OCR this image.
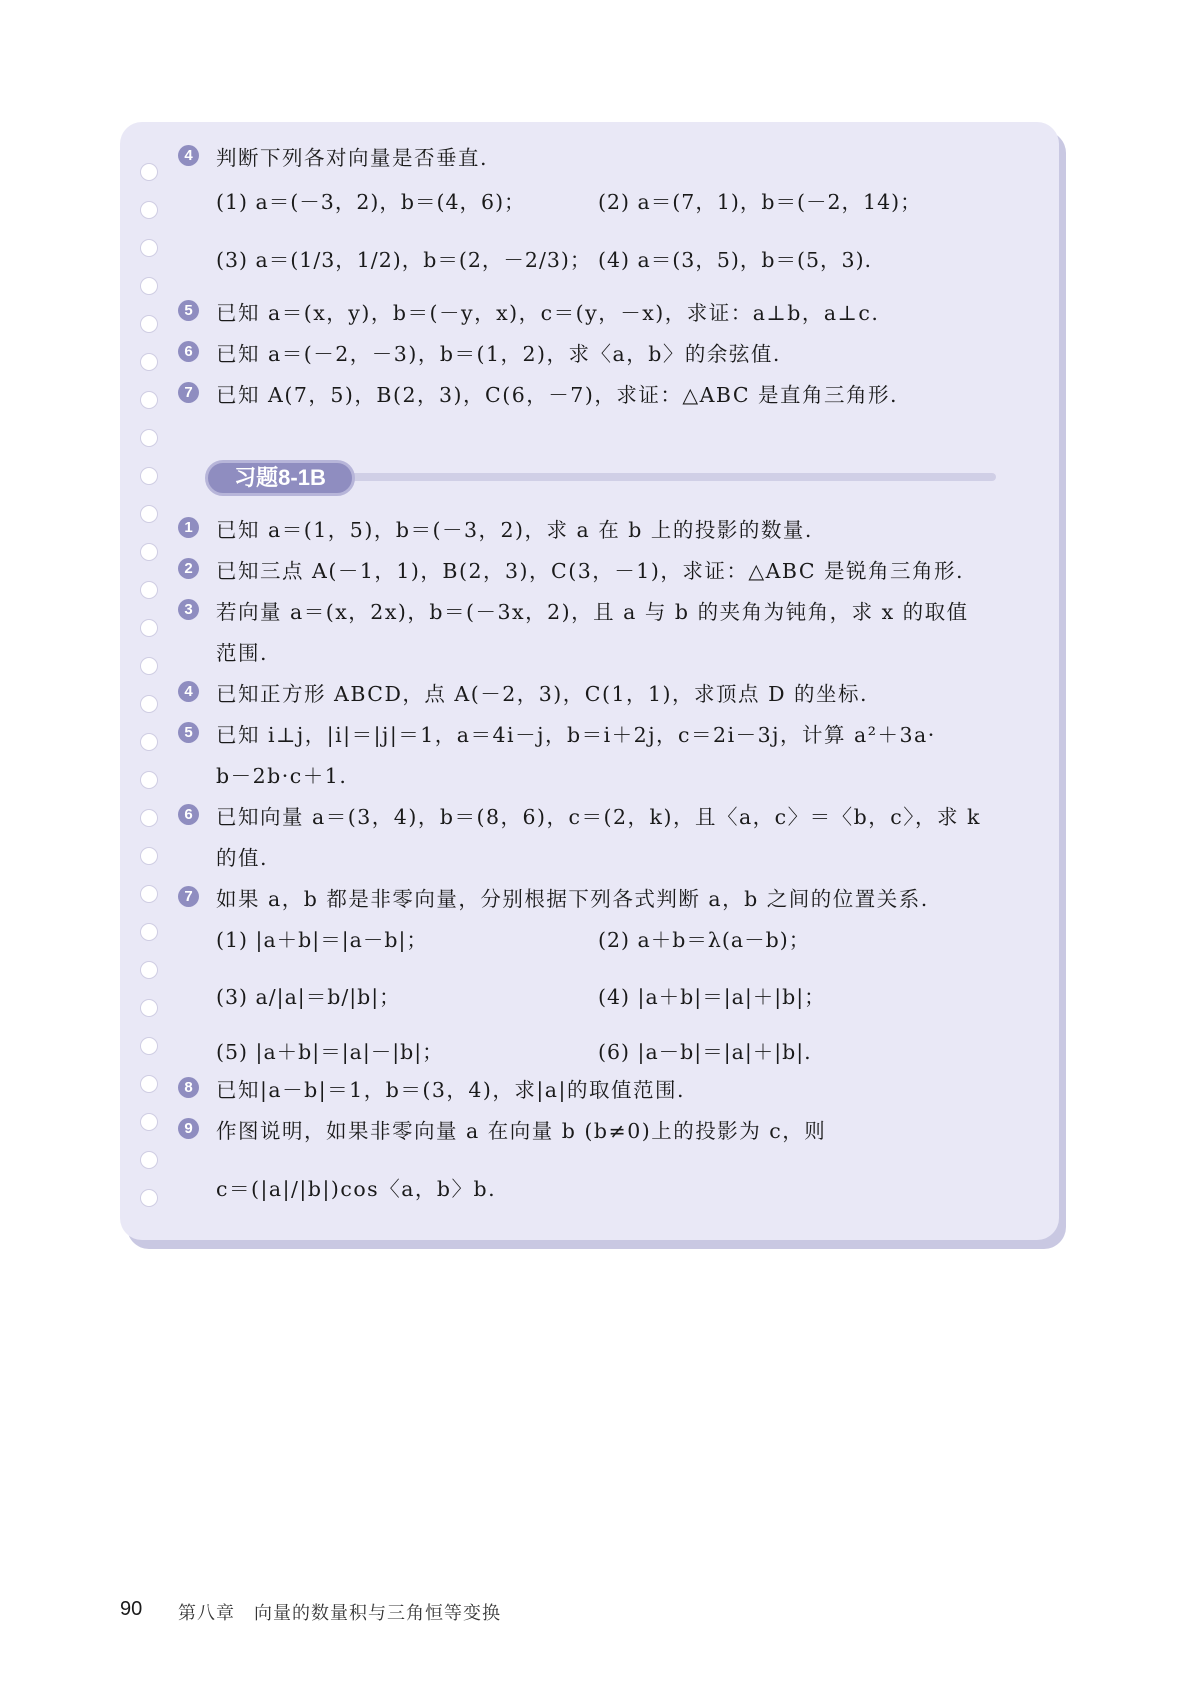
4	判断下列各对向量是否垂直.
(1) a＝(－3，2)，b＝(4，6)；	(2) a＝(7，1)，b＝(－2，14)；
(3) a＝(1/3，1/2)，b＝(2，－2/3)； (4) a＝(3，5)，b＝(5，3).
5	已知 a＝(x，y)，b＝(－y，x)，c＝(y，－x)，求证：a⊥b，a⊥c.
6	已知 a＝(－2，－3)，b＝(1，2)，求〈a，b〉的余弦值.
7	已知 A(7，5)，B(2，3)，C(6，－7)，求证：△ABC 是直角三角形.
1	已知 a＝(1，5)，b＝(－3，2)，求 a 在 b 上的投影的数量.
2	已知三点 A(－1，1)，B(2，3)，C(3，－1)，求证：△ABC 是锐角三角形.
3	若向量 a＝(x，2x)，b＝(－3x，2)，且 a 与 b 的夹角为钝角，求 x 的取值
范围.
4	已知正方形 ABCD，点 A(－2，3)，C(1，1)，求顶点 D 的坐标.
5	已知 i⊥j，|i|＝|j|＝1，a＝4i－j，b＝i＋2j，c＝2i－3j，计算 a²＋3a·
b－2b·c＋1.
6	已知向量 a＝(3，4)，b＝(8，6)，c＝(2，k)，且〈a，c〉＝〈b，c〉，求 k
的值.
7	如果 a，b 都是非零向量，分别根据下列各式判断 a，b 之间的位置关系.
(1) |a＋b|＝|a－b|；	(2) a＋b＝λ(a－b)；
(3) a/|a|＝b/|b|；	(4) |a＋b|＝|a|＋|b|；
(5) |a＋b|＝|a|－|b|；	(6) |a－b|＝|a|＋|b|.
8	已知|a－b|＝1，b＝(3，4)，求|a|的取值范围.
9	作图说明，如果非零向量 a 在向量 b (b≠0)上的投影为 c，则
c＝(|a|/|b|)cos〈a，b〉b.
习题8-1B
90 第八章　向量的数量积与三角恒等变换
